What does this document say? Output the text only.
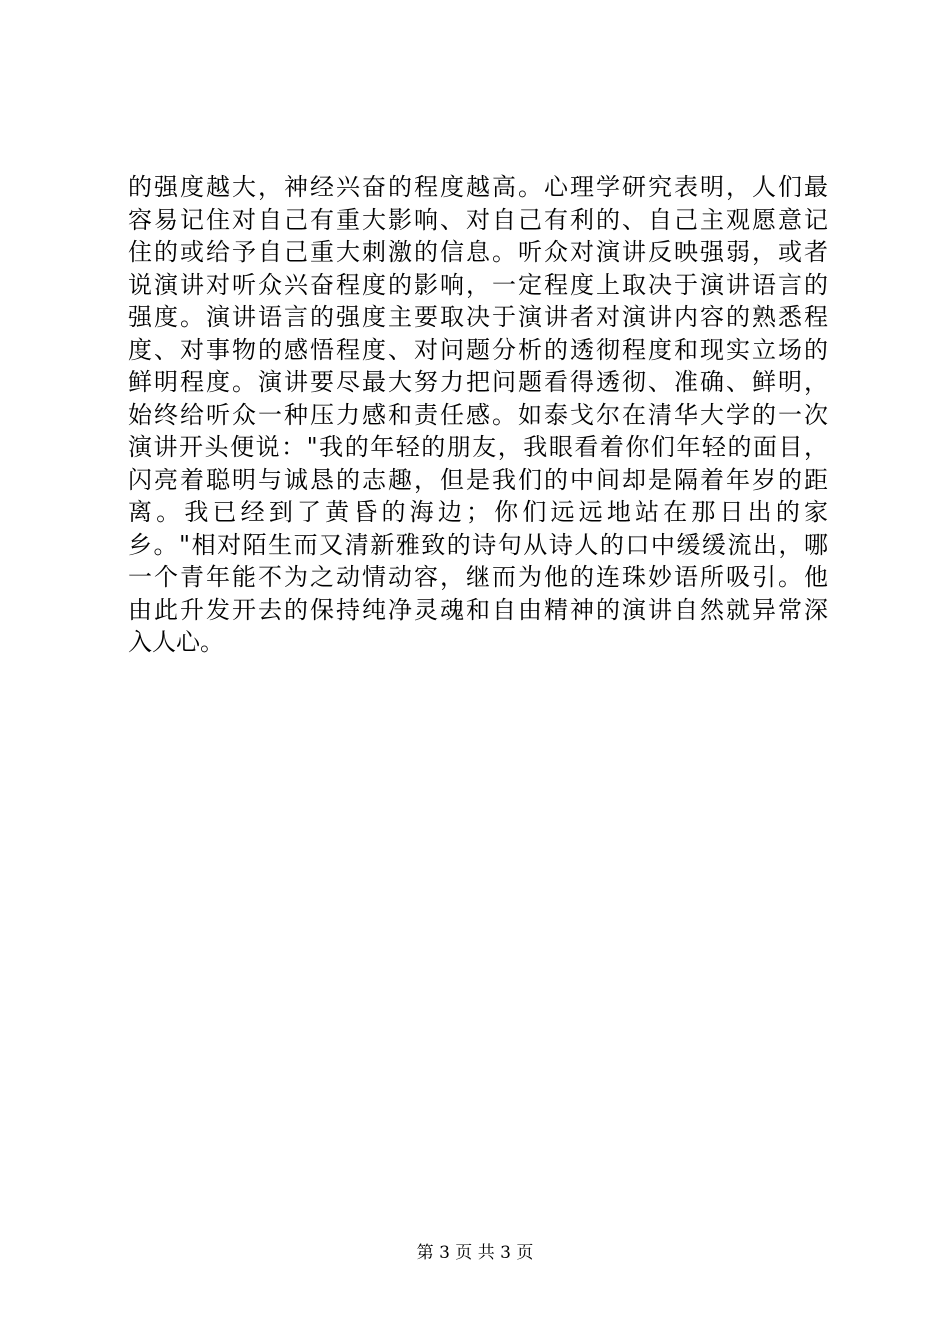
的强度越大，神经兴奋的程度越高。心理学研究表明，人们最
容易记住对自己有重大影响、对自己有利的、自己主观愿意记
住的或给予自己重大刺激的信息。听众对演讲反映强弱，或者
说演讲对听众兴奋程度的影响，一定程度上取决于演讲语言的
强度。演讲语言的强度主要取决于演讲者对演讲内容的熟悉程
度、对事物的感悟程度、对问题分析的透彻程度和现实立场的
鲜明程度。演讲要尽最大努力把问题看得透彻、准确、鲜明，
始终给听众一种压力感和责任感。如泰戈尔在清华大学的一次
演讲开头便说："我的年轻的朋友，我眼看着你们年轻的面目，
闪亮着聪明与诚恳的志趣，但是我们的中间却是隔着年岁的距
离。我已经到了黄昏的海边；你们远远地站在那日出的家
乡。"相对陌生而又清新雅致的诗句从诗人的口中缓缓流出，哪
一个青年能不为之动情动容，继而为他的连珠妙语所吸引。他
由此升发开去的保持纯净灵魂和自由精神的演讲自然就异常深
入人心。
第 3 页 共 3 页
